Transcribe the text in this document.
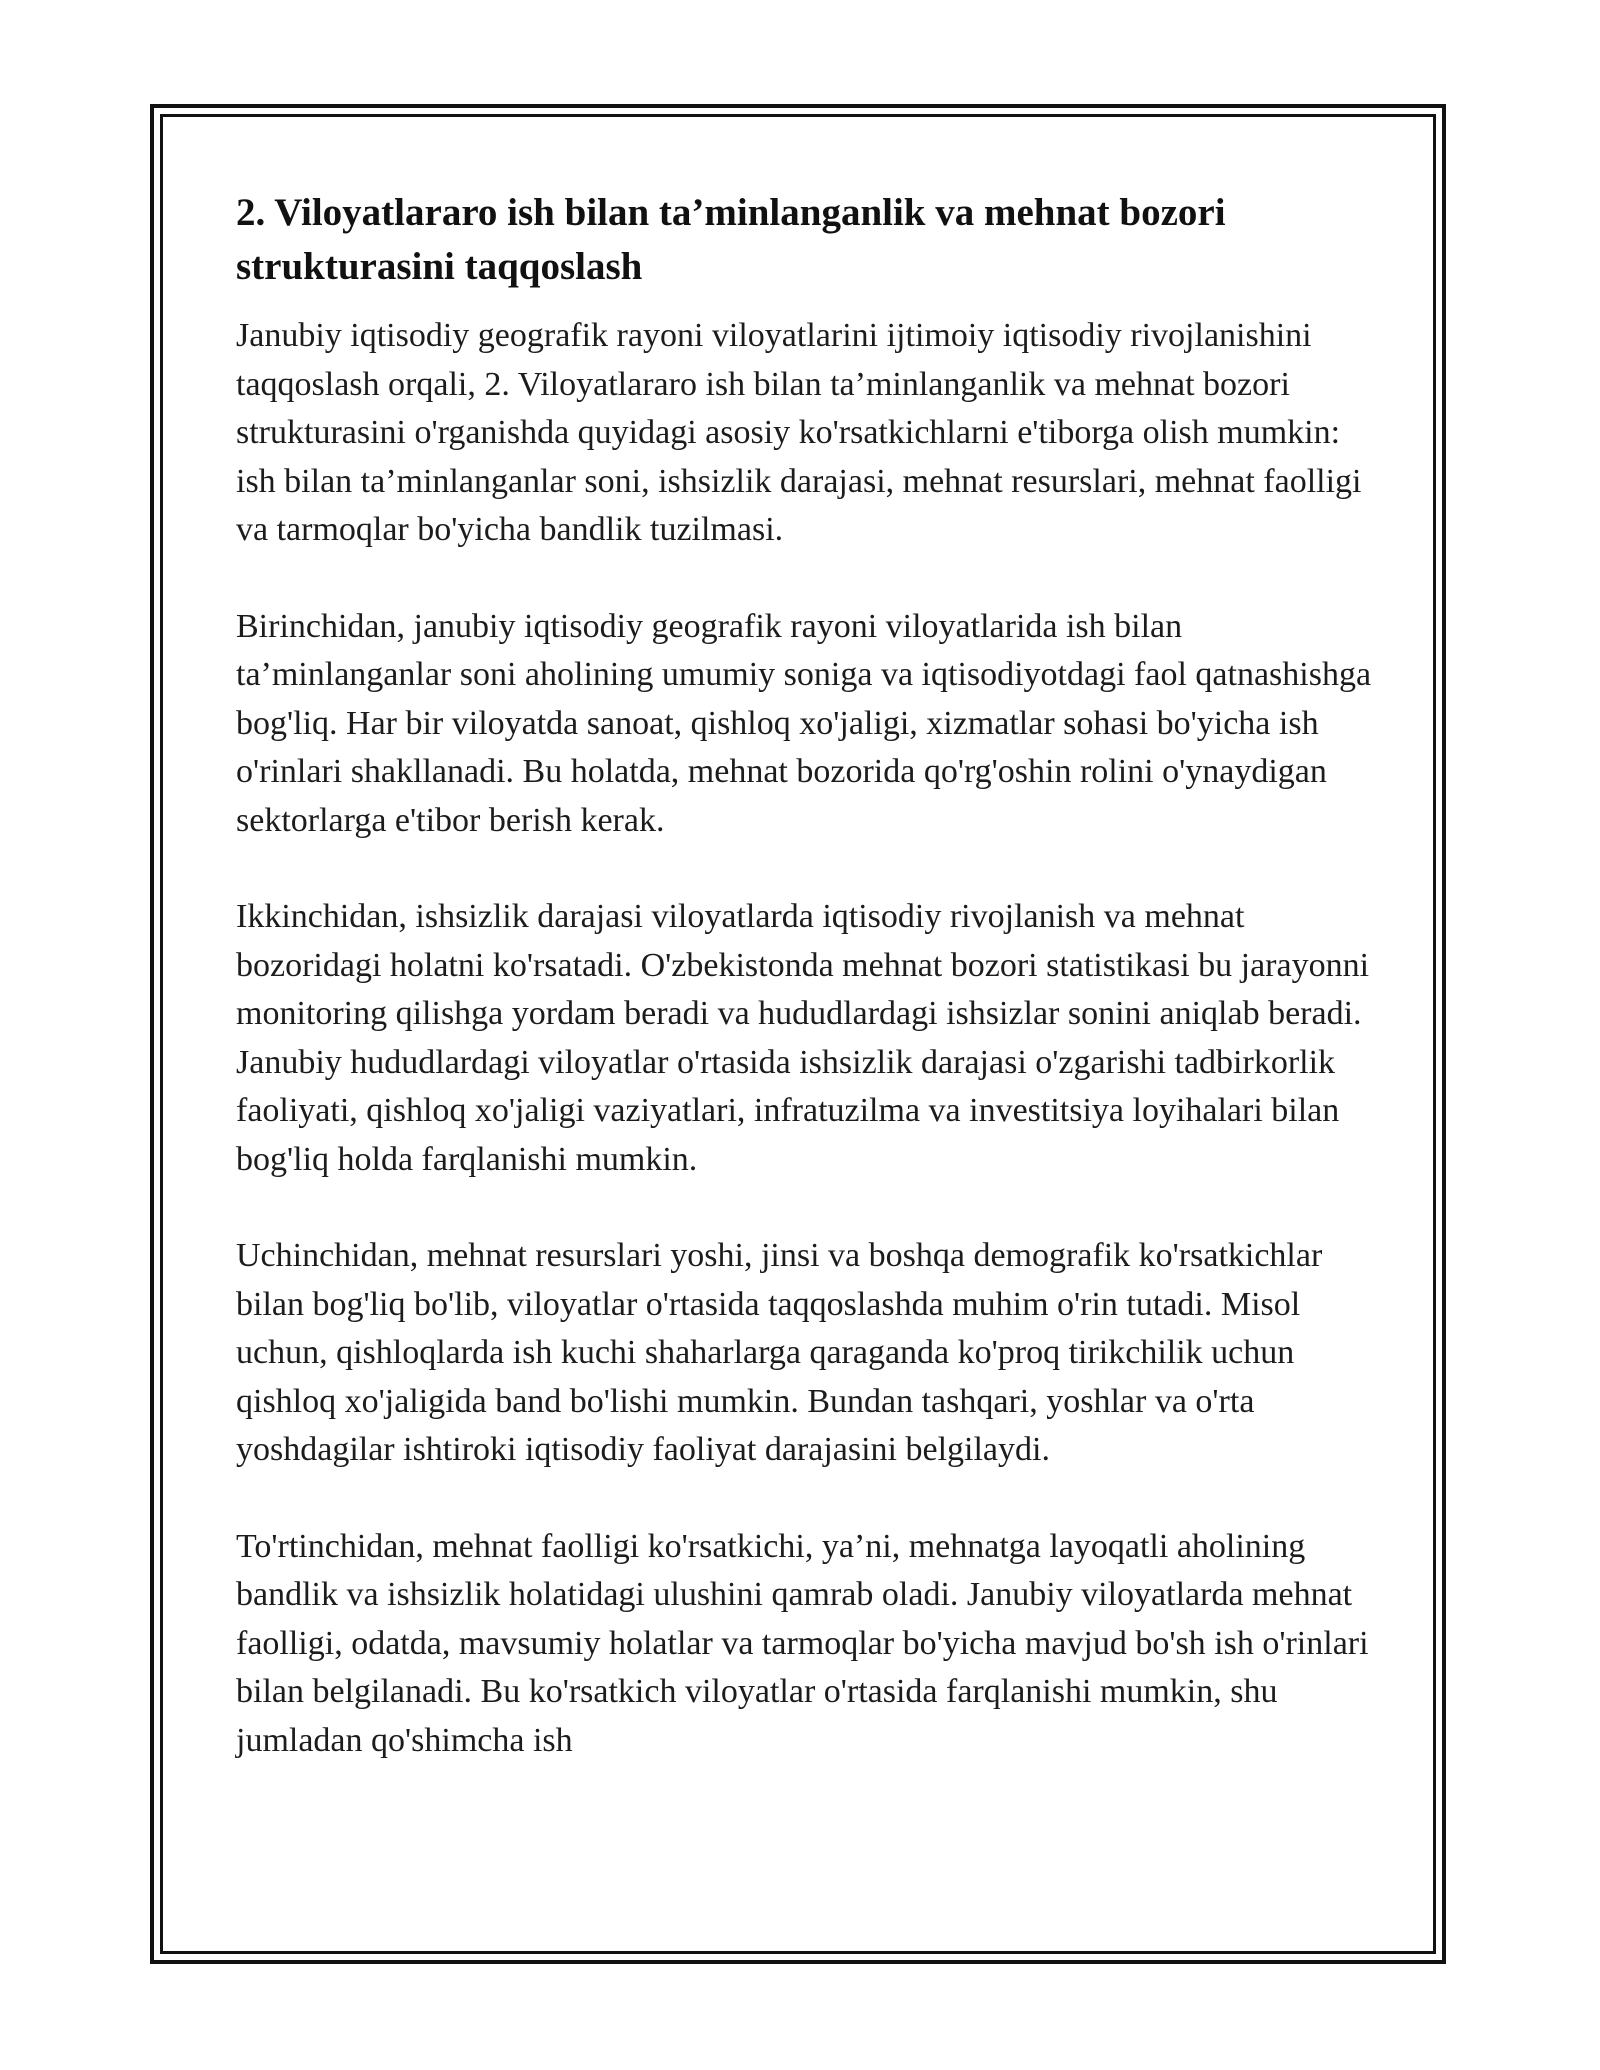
2. Viloyatlararo ish bilan ta’minlanganlik va mehnat bozori strukturasini taqqoslash

Janubiy iqtisodiy geografik rayoni viloyatlarini ijtimoiy iqtisodiy rivojlanishini taqqoslash orqali, 2. Viloyatlararo ish bilan ta’minlanganlik va mehnat bozori strukturasini o'rganishda quyidagi asosiy ko'rsatkichlarni e'tiborga olish mumkin: ish bilan ta’minlanganlar soni, ishsizlik darajasi, mehnat resurslari, mehnat faolligi va tarmoqlar bo'yicha bandlik tuzilmasi.

Birinchidan, janubiy iqtisodiy geografik rayoni viloyatlarida ish bilan ta’minlanganlar soni aholining umumiy soniga va iqtisodiyotdagi faol qatnashishga bog'liq. Har bir viloyatda sanoat, qishloq xo'jaligi, xizmatlar sohasi bo'yicha ish o'rinlari shakllanadi. Bu holatda, mehnat bozorida qo'rg'oshin rolini o'ynaydigan sektorlarga e'tibor berish kerak.

Ikkinchidan, ishsizlik darajasi viloyatlarda iqtisodiy rivojlanish va mehnat bozoridagi holatni ko'rsatadi. O'zbekistonda mehnat bozori statistikasi bu jarayonni monitoring qilishga yordam beradi va hududlardagi ishsizlar sonini aniqlab beradi. Janubiy hududlardagi viloyatlar o'rtasida ishsizlik darajasi o'zgarishi tadbirkorlik faoliyati, qishloq xo'jaligi vaziyatlari, infratuzilma va investitsiya loyihalari bilan bog'liq holda farqlanishi mumkin.

Uchinchidan, mehnat resurslari yoshi, jinsi va boshqa demografik ko'rsatkichlar bilan bog'liq bo'lib, viloyatlar o'rtasida taqqoslashda muhim o'rin tutadi. Misol uchun, qishloqlarda ish kuchi shaharlarga qaraganda ko'proq tirikchilik uchun qishloq xo'jaligida band bo'lishi mumkin. Bundan tashqari, yoshlar va o'rta yoshdagilar ishtiroki iqtisodiy faoliyat darajasini belgilaydi.

To'rtinchidan, mehnat faolligi ko'rsatkichi, ya’ni, mehnatga layoqatli aholining bandlik va ishsizlik holatidagi ulushini qamrab oladi. Janubiy viloyatlarda mehnat faolligi, odatda, mavsumiy holatlar va tarmoqlar bo'yicha mavjud bo'sh ish o'rinlari bilan belgilanadi. Bu ko'rsatkich viloyatlar o'rtasida farqlanishi mumkin, shu jumladan qo'shimcha ish
